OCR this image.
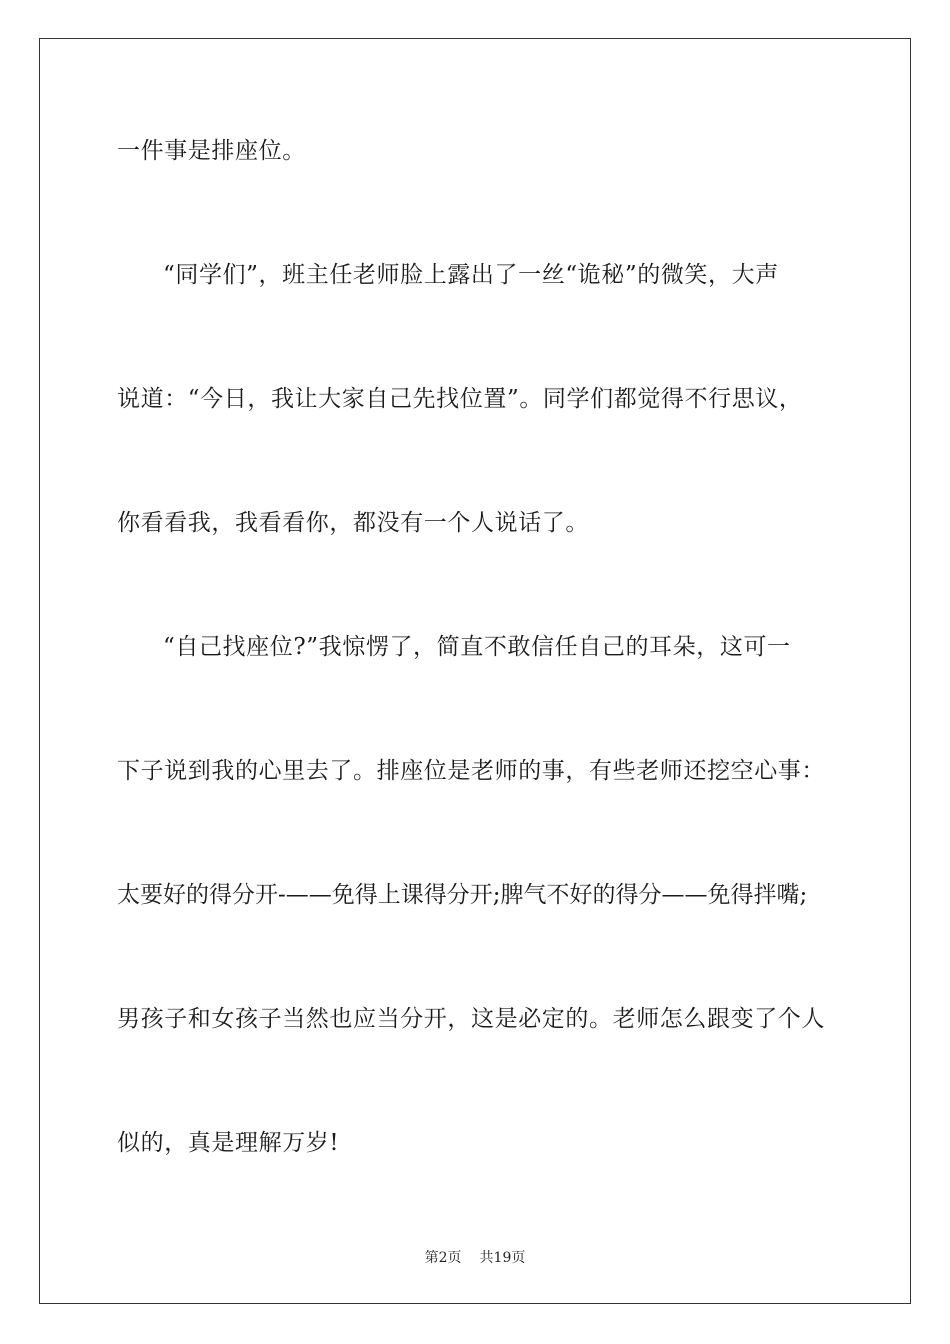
一件事是排座位。
“同学们”，班主任老师脸上露出了一丝“诡秘”的微笑，大声
说道：“今日，我让大家自己先找位置”。同学们都觉得不行思议，
你看看我，我看看你，都没有一个人说话了。
“自己找座位?”我惊愣了，简直不敢信任自己的耳朵，这可一
下子说到我的心里去了。排座位是老师的事，有些老师还挖空心事：
太要好的得分开-——免得上课得分开;脾气不好的得分——免得拌嘴;
男孩子和女孩子当然也应当分开，这是必定的。老师怎么跟变了个人
似的，真是理解万岁!
第2页 共19页
